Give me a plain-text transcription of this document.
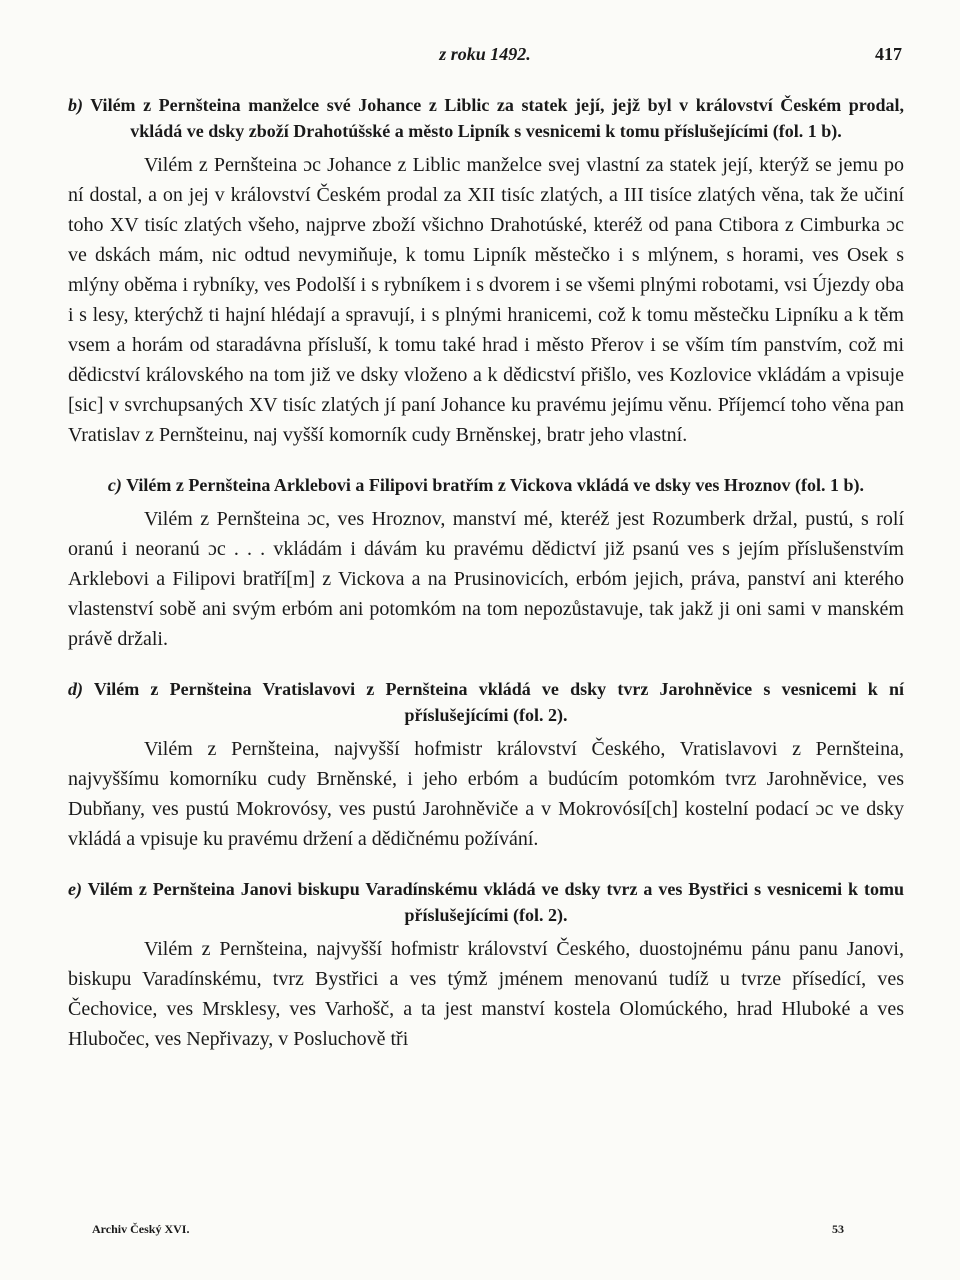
z roku 1492.	417

b) Vilém z Pernšteina manželce své Johance z Liblic za statek její, jejž byl v království Českém prodal, vkládá ve dsky zboží Drahotúšské a město Lipník s vesnicemi k tomu příslušejícími (fol. 1 b).

Vilém z Pernšteina ɔc Johance z Liblic manželce svej vlastní za statek její, kterýž se jemu po ní dostal, a on jej v království Českém prodal za XII tisíc zlatých, a III tisíce zlatých věna, tak že učiní toho XV tisíc zlatých všeho, najprve zboží všichno Drahotúské, kteréž od pana Ctibora z Cimburka ɔc ve dskách mám, nic odtud nevymiňuje, k tomu Lipník městečko i s mlýnem, s horami, ves Osek s mlýny oběma i rybníky, ves Podolší i s rybníkem i s dvorem i se všemi plnými robotami, vsi Újezdy oba i s lesy, kterýchž ti hajní hlédají a spravují, i s plnými hranicemi, což k tomu městečku Lipníku a k těm vsem a horám od staradávna přísluší, k tomu také hrad i město Přerov i se vším tím panstvím, což mi dědicství královského na tom již ve dsky vloženo a k dědicství přišlo, ves Kozlovice vkládám a vpisuje [sic] v svrchupsaných XV tisíc zlatých jí paní Johance ku pravému jejímu věnu. Příjemcí toho věna pan Vratislav z Pernšteinu, naj vyšší komorník cudy Brněnskej, bratr jeho vlastní.

c) Vilém z Pernšteina Arklebovi a Filipovi bratřím z Vickova vkládá ve dsky ves Hroznov (fol. 1 b).

Vilém z Pernšteina ɔc, ves Hroznov, manství mé, kteréž jest Rozumberk držal, pustú, s rolí oranú i neoranú ɔc . . . vkládám i dávám ku pravému dědictví již psanú ves s jejím příslušenstvím Arklebovi a Filipovi bratří[m] z Vickova a na Prusinovicích, erbóm jejich, práva, panství ani kterého vlastenství sobě ani svým erbóm ani potomkóm na tom nepozůstavuje, tak jakž ji oni sami v manském právě držali.

d) Vilém z Pernšteina Vratislavovi z Pernšteina vkládá ve dsky tvrz Jarohněvice s vesnicemi k ní příslušejícími (fol. 2).

Vilém z Pernšteina, najvyšší hofmistr království Českého, Vratislavovi z Pernšteina, najvyššímu komorníku cudy Brněnské, i jeho erbóm a budúcím potomkóm tvrz Jarohněvice, ves Dubňany, ves pustú Mokrovósy, ves pustú Jarohněviče a v Mokrovósí[ch] kostelní podací ɔc ve dsky vkládá a vpisuje ku pravému držení a dědičnému požívání.

e) Vilém z Pernšteina Janovi biskupu Varadínskému vkládá ve dsky tvrz a ves Bystřici s vesnicemi k tomu příslušejícími (fol. 2).

Vilém z Pernšteina, najvyšší hofmistr království Českého, duostojnému pánu panu Janovi, biskupu Varadínskému, tvrz Bystřici a ves týmž jménem menovanú tudíž u tvrze přísedící, ves Čechovice, ves Mrsklesy, ves Varhošč, a ta jest manství kostela Olomúckého, hrad Hluboké a ves Hlubočec, ves Nepřivazy, v Posluchově tři

Archiv Český XVI.	53
